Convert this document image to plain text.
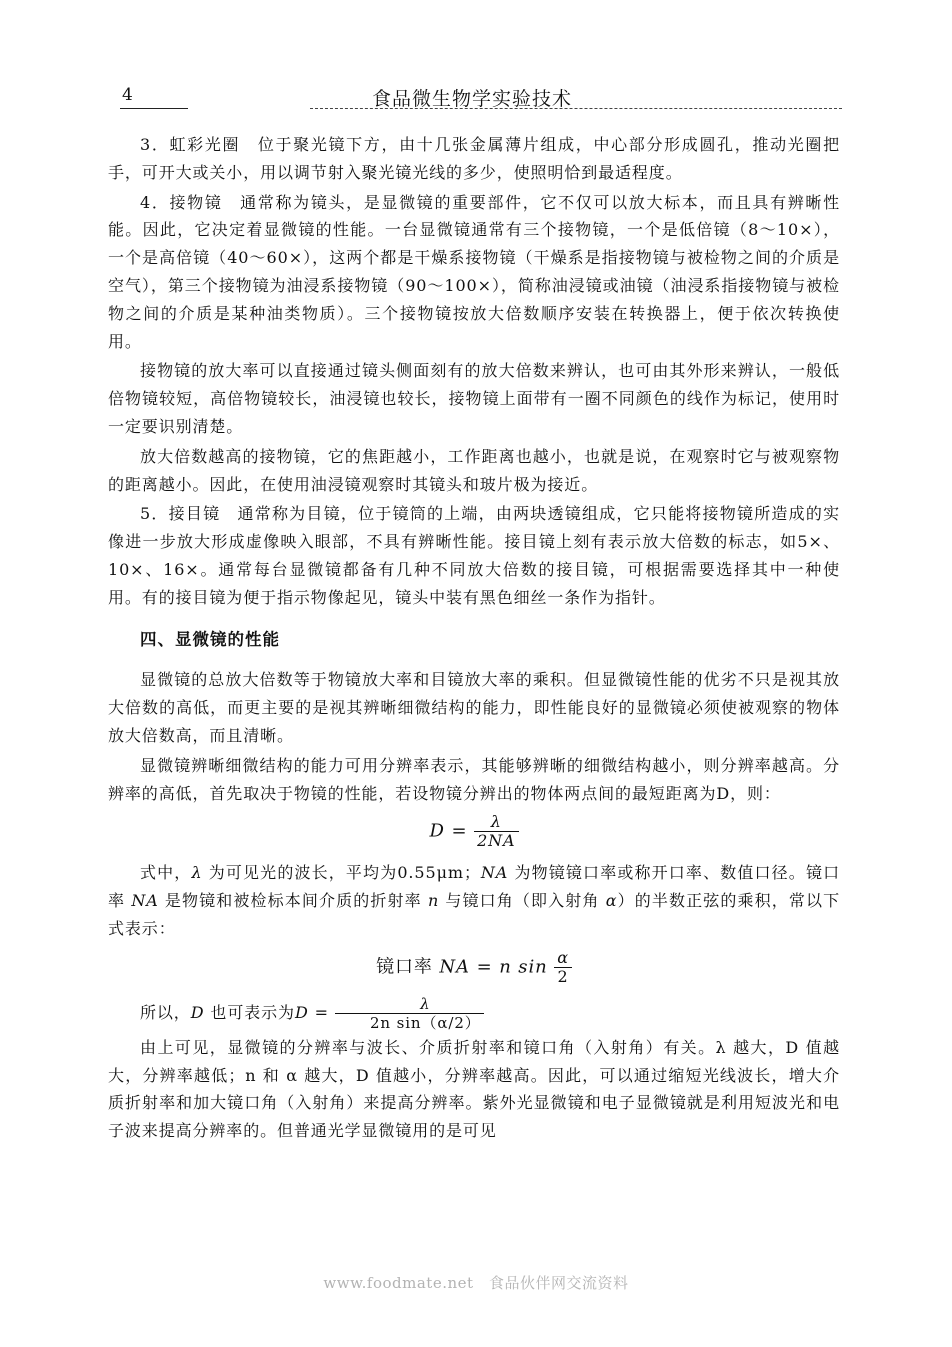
4	食品微生物学实验技术

3．虹彩光圈　位于聚光镜下方，由十几张金属薄片组成，中心部分形成圆孔，推动光圈把手，可开大或关小，用以调节射入聚光镜光线的多少，使照明恰到最适程度。

4．接物镜　通常称为镜头，是显微镜的重要部件，它不仅可以放大标本，而且具有辨晰性能。因此，它决定着显微镜的性能。一台显微镜通常有三个接物镜，一个是低倍镜（8～10×），一个是高倍镜（40～60×），这两个都是干燥系接物镜（干燥系是指接物镜与被检物之间的介质是空气），第三个接物镜为油浸系接物镜（90～100×），简称油浸镜或油镜（油浸系指接物镜与被检物之间的介质是某种油类物质）。三个接物镜按放大倍数顺序安装在转换器上，便于依次转换使用。

接物镜的放大率可以直接通过镜头侧面刻有的放大倍数来辨认，也可由其外形来辨认，一般低倍物镜较短，高倍物镜较长，油浸镜也较长，接物镜上面带有一圈不同颜色的线作为标记，使用时一定要识别清楚。

放大倍数越高的接物镜，它的焦距越小，工作距离也越小，也就是说，在观察时它与被观察物的距离越小。因此，在使用油浸镜观察时其镜头和玻片极为接近。

5．接目镜　通常称为目镜，位于镜筒的上端，由两块透镜组成，它只能将接物镜所造成的实像进一步放大形成虚像映入眼部，不具有辨晰性能。接目镜上刻有表示放大倍数的标志，如5×、10×、16×。通常每台显微镜都备有几种不同放大倍数的接目镜，可根据需要选择其中一种使用。有的接目镜为便于指示物像起见，镜头中装有黑色细丝一条作为指针。

四、显微镜的性能

显微镜的总放大倍数等于物镜放大率和目镜放大率的乘积。但显微镜性能的优劣不只是视其放大倍数的高低，而更主要的是视其辨晰细微结构的能力，即性能良好的显微镜必须使被观察的物体放大倍数高，而且清晰。

显微镜辨晰细微结构的能力可用分辨率表示，其能够辨晰的细微结构越小，则分辨率越高。分辨率的高低，首先取决于物镜的性能，若设物镜分辨出的物体两点间的最短距离为D，则：

$D = \frac{\lambda}{2NA}$

式中，λ 为可见光的波长，平均为0.55μm；NA 为物镜镜口率或称开口率、数值口径。镜口率 NA 是物镜和被检标本间介质的折射率 n 与镜口角（即入射角 α）的半数正弦的乘积，常以下式表示：

镜口率 NA = n $\sin \frac{\alpha}{2}$

所以，D 也可表示为$D = \frac{\lambda}{\text{2n sin（α/2）}}$

由上可见，显微镜的分辨率与波长、介质折射率和镜口角（入射角）有关。λ 越大，D 值越大，分辨率越低；n 和 α 越大，D 值越小，分辨率越高。因此，可以通过缩短光线波长，增大介质折射率和加大镜口角（入射角）来提高分辨率。紫外光显微镜和电子显微镜就是利用短波光和电子波来提高分辨率的。但普通光学显微镜用的是可见

www.foodmate.net　食品伙伴网交流资料
